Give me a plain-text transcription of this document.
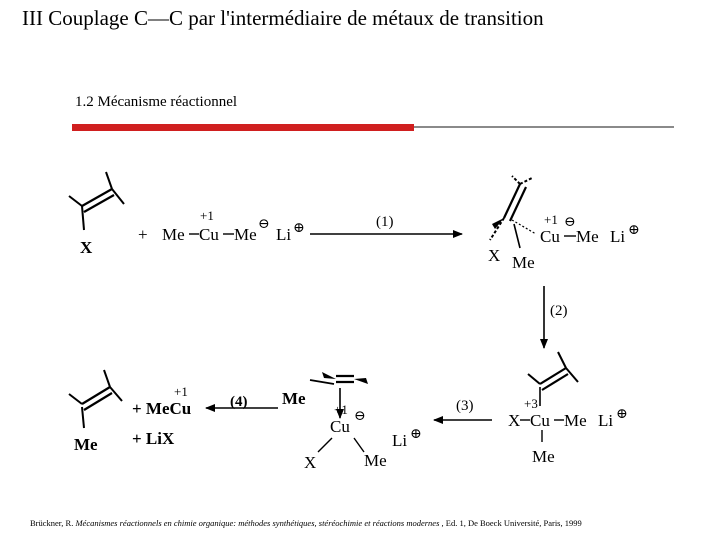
III Couplage C—C par l'intermédiaire de métaux de transition
1.2 Mécanisme réactionnel
X
+ Me Cu Me
+1
⊖
Li ⊕	(1)
X Me
Cu Me
+1 ⊖
Li ⊕
(2)
X Cu Me
+3
Me
Li ⊕
(3)
Me
Cu
+1 ⊖
X	Me
Li ⊕
(4)
Me
+ MeCu
+1
+ LiX
Brückner, R. Mécanismes réactionnels en chimie organique: méthodes synthétiques, stéréochimie et réactions modernes , Ed. 1, De Boeck Université, Paris, 1999
